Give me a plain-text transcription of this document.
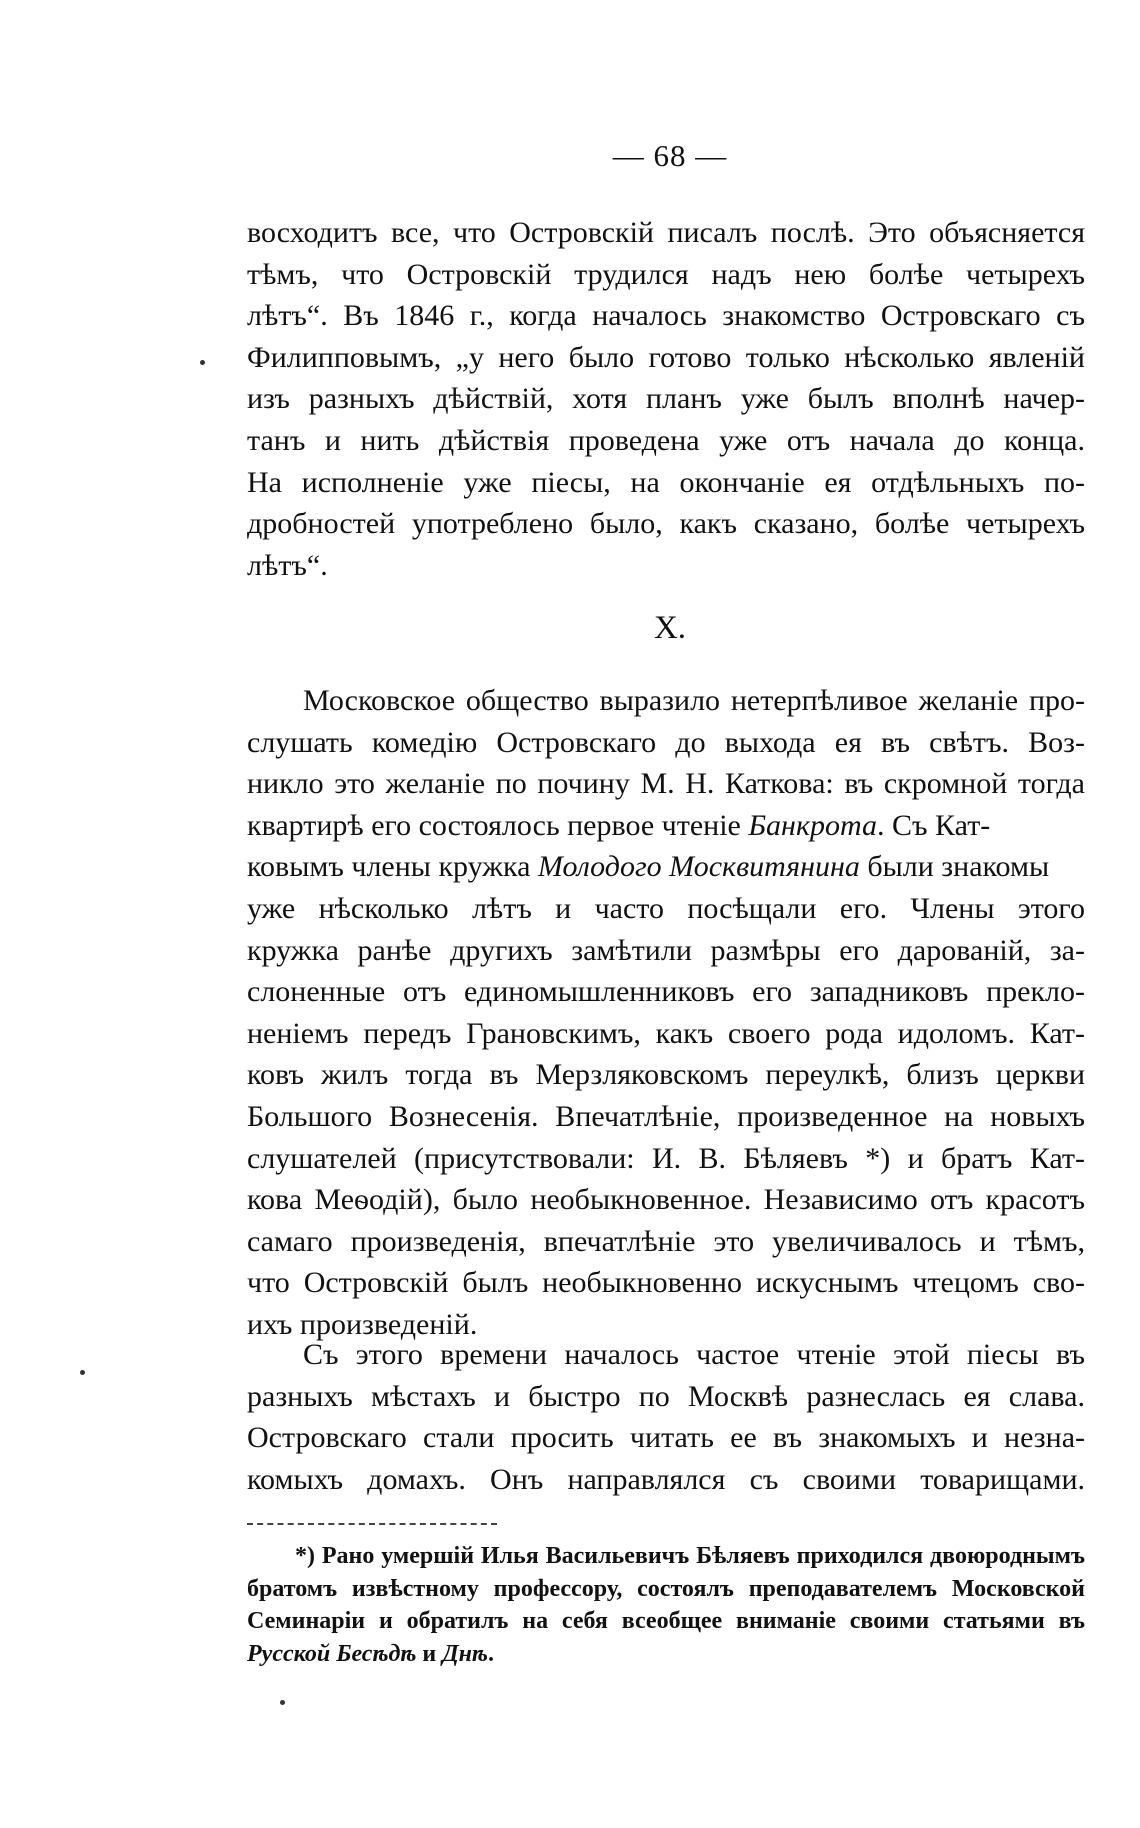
— 68 —
восходитъ все, что Островскій писалъ послѣ. Это объясняется
тѣмъ, что Островскій трудился надъ нею болѣе четырехъ
лѣтъ“. Въ 1846 г., когда началось знакомство Островскаго съ
Филипповымъ, „у него было готово только нѣсколько явленій
изъ разныхъ дѣйствій, хотя планъ уже былъ вполнѣ начер-
танъ и нить дѣйствія проведена уже отъ начала до конца.
На исполненіе уже піесы, на окончаніе ея отдѣльныхъ по-
дробностей употреблено было, какъ сказано, болѣе четырехъ
лѣтъ“.
X.
Московское общество выразило нетерпѣливое желаніе про-
слушать комедію Островскаго до выхода ея въ свѣтъ. Воз-
никло это желаніе по почину М. Н. Каткова: въ скромной тогда
квартирѣ его состоялось первое чтеніе Банкрота. Съ Кат-
ковымъ члены кружка Молодого Москвитянина были знакомы
уже нѣсколько лѣтъ и часто посѣщали его. Члены этого
кружка ранѣе другихъ замѣтили размѣры его дарованій, за-
слоненные отъ единомышленниковъ его западниковъ прекло-
неніемъ передъ Грановскимъ, какъ своего рода идоломъ. Кат-
ковъ жилъ тогда въ Мерзляковскомъ переулкѣ, близъ церкви
Большого Вознесенія. Впечатлѣніе, произведенное на новыхъ
слушателей (присутствовали: И. В. Бѣляевъ *) и братъ Кат-
кова Меѳодій), было необыкновенное. Независимо отъ красотъ
самаго произведенія, впечатлѣніе это увеличивалось и тѣмъ,
что Островскій былъ необыкновенно искуснымъ чтецомъ сво-
ихъ произведеній.
Съ этого времени началось частое чтеніе этой піесы въ
разныхъ мѣстахъ и быстро по Москвѣ разнеслась ея слава.
Островскаго стали просить читать ее въ знакомыхъ и незна-
комыхъ домахъ. Онъ направлялся съ своими товарищами.
*) Рано умершій Илья Васильевичъ Бѣляевъ приходился двоюроднымъ
братомъ извѣстному профессору, состоялъ преподавателемъ Московской
Семинаріи и обратилъ на себя всеобщее вниманіе своими статьями въ
Русской Бесѣдѣ и Днѣ.
